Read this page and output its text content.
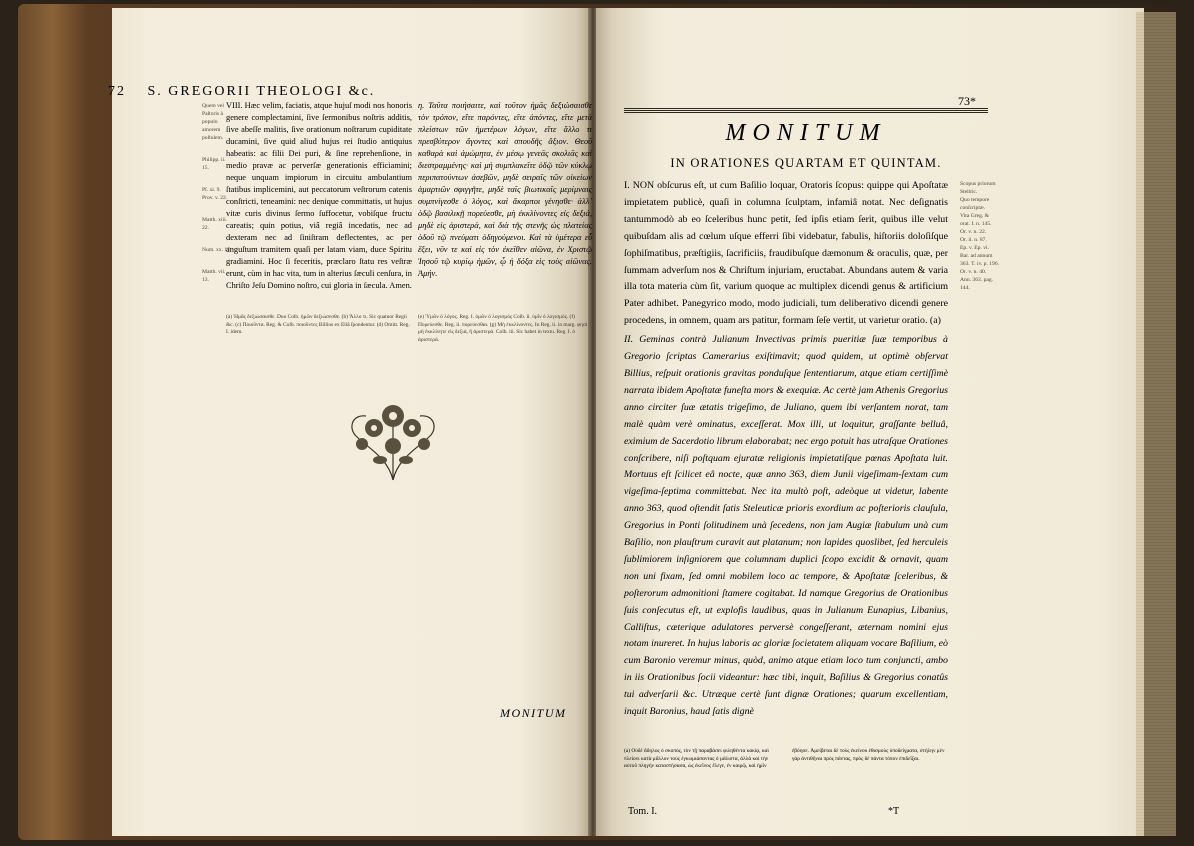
72 S. GREGORII THEOLOGI &c.
Quem vel Paſtoris à populo amorem poſtulem.
Philipp. ii. 15.
Pſ. xi. 9. Prov. v. 22.
Matth. xiii. 22.
Num. xx. 17.
Matth. vii. 13.
VIII. Hæc velim, faciatis, atque hujuſ modi nos honoris genere complectamini, ſive ſermonibus noſtris additis, ſive abeſſe malitis, ſive orationum noſtrarum cupiditate ducamini, ſive quid aliud hujus rei ſtudio antiquius habeatis: ac filii Dei puri, & ſine reprehenſione, in medio pravæ ac perverſæ generationis efficiamini; neque unquam impiorum in circuitu ambulantium ſtatibus implicemini, aut peccatorum veſtrorum catenis conſtricti, teneamini: nec denique committatis, ut hujus vitæ curis divinus ſermo ſuffocetur, vobiſque fructu careatis; quin potius, viâ regiâ incedatis, nec ad dexteram nec ad ſiniſtram deflectentes, ac per anguſtum tramitem quaſi per latam viam, duce Spiritu gradiamini. Hoc ſi feceritis, præclaro ſtatu res veſtræ erunt, cùm in hac vita, tum in alterius ſæculi cenſura, in Chriſto Jeſu Domino noſtro, cui gloria in ſæcula. Amen.
η. Ταῦτα ποιήσαιτε, καὶ τοῦτον ἡμᾶς δεξιώσαισθε τὸν τρόπον, εἴτε παρόντες, εἴτε ἀπόντες, εἴτε μετὰ πλείστων τῶν ἡμετέρων λόγων, εἴτε ἄλλο τι πρεσβύτερον ἄγοντες καὶ σπουδῆς ἄξιον. Θεοῦ καθαρὰ καὶ ἀμώμητα, ἐν μέσῳ γενεᾶς σκολιᾶς καὶ διεστραμμένης· καὶ μὴ συμπλακεῖτε ὁδῷ τῶν κύκλῳ περιπατούντων ἀσεβῶν, μηδὲ σειραῖς τῶν οἰκείων ἁμαρτιῶν σφιγγῆτε, μηδὲ ταῖς βιωτικαῖς μερίμναις συμπνίγεσθε ὁ λόγος, καὶ ἄκαρποι γένησθε· ἀλλ᾽ ὁδῷ βασιλικῇ πορεύεσθε, μὴ ἐκκλίνοντες εἰς δεξιά, μηδὲ εἰς ἀριστερά, καὶ διὰ τῆς στενῆς ὡς πλατείας ὁδοῦ τῷ πνεύματι ὁδηγούμενοι. Καὶ τὰ ὑμέτερα εὖ ἕξει, νῦν τε καὶ εἰς τὸν ἐκεῖθεν αἰῶνα, ἐν Χριστῷ Ἰησοῦ τῷ κυρίῳ ἡμῶν, ᾧ ἡ δόξα εἰς τοὺς αἰῶνας. Ἀμήν.
(a) Ἡμᾶς δεξιώσαισθε. Duo Colb. ἡμῶν δεξιώσεσθε. (b) Ἄλλο τι. Sic quatuor Regii &c. (c) Ποιοῦντα. Reg. & Colb. ποιοῦντες Billius ex Eliâ ſpondentur. (d) Omitt. Reg. I. idem.
(e) Ὑμῶν ὁ λόγος. Reg. I. ὑμῶν ὁ λογισμός Colb. ii. ὑμῖν ὁ λογισμός. (f) Πορεύεσθε. Reg. ii. πορεύεσθαι. (g) Μὴ ἐκκλίνοντες. In Reg. ii. in marg. φησὶ μὴ ἐκκλίνητε εἰς δεξιά, ἢ ἀριστερά. Colb. iii. Sic habet in textu. Reg. I. ὁ ἀριστερά.
MONITUM
73*
MONITUM
IN ORATIONES QUARTAM ET QUINTAM.

I. NON obſcurus eſt, ut cum Baſilio loquar, Oratoris ſcopus: quippe qui Apoſtatæ impietatem publicè, quaſi in columna ſculptam, infamiâ notat. Nec deſignatis tantummodò ab eo ſceleribus hunc petit, ſed ipſis etiam ſerit, quibus ille velut quibuſdam alis ad cœlum uſque efferri ſibi videbatur, fabulis, hiſtoriis doloſiſque ſophiſmatibus, præſtigiis, ſacrificiis, fraudibuſque dæmonum & oraculis, quæ, per ſummam adverſum nos & Chriſtum injuriam, eructabat. Abundans autem & varia illa tota materia cùm ſit, varium quoque ac multiplex dicendi genus & artificium Pater adhibet. Panegyrico modo, modo judiciali, tum deliberativo dicendi genere procedens, in omnem, quam ars patitur, formam ſeſe vertit, ut varietur oratio. (a)

II. Geminas contrà Julianum Invectivas primis pueritiæ ſuæ temporibus à Gregorio ſcriptas Camerarius exiſtimavit; quod quidem, ut optimè obſervat Billius, reſpuit orationis gravitas ponduſque ſententiarum, atque etiam certiſſimè narrata ibidem Apoſtatæ funeſta mors & exequiæ. Ac certè jam Athenis Gregorius anno circiter ſuæ ætatis trigeſimo, de Juliano, quem ibi verſantem norat, tam malè quàm verè ominatus, exceſſerat. Mox illi, ut loquitur, graſſante belluâ, eximium de Sacerdotio librum elaborabat; nec ergo potuit has utraſque Orationes conſcribere, niſi poſtquam ejuratæ religionis impietatiſque pœnas Apoſtata luit. Mortuus eſt ſcilicet eâ nocte, quæ anno 363, diem Junii vigeſimam-ſextam cum vigeſima-ſeptima committebat. Nec ita multò poſt, adeòque ut videtur, labente anno 363, quod oſtendit ſatis Steleuticæ prioris exordium ac poſterioris clauſula, Gregorius in Ponti ſolitudinem unà ſecedens, non jam Augiæ ſtabulum unà cum Baſilio, non plauſtrum curavit aut platanum; non lapides quoslibet, ſed herculeis ſublimiorem inſigniorem que columnam duplici ſcopo excidit & ornavit, quam non uni fixam, ſed omni mobilem loco ac tempore, & Apoſtatæ ſceleribus, & poſterorum admonitioni ſtamere cogitabat. Id namque Gregorius de Orationibus ſuis conſecutus eſt, ut explofis laudibus, quas in Julianum Eunapius, Libanius, Calliſtus, cæterique adulatores perversè congeſſerant, æternam nomini ejus notam inureret. In hujus laboris ac gloriæ ſocietatem aliquam vocare Baſilium, eò cum Baronio veremur minus, quòd, animo atque etiam loco tum conjuncti, ambo in iis Orationibus ſocii videantur: hæc tibi, inquit, Baſilius & Gregorius conatûs tui adverſarii &c. Utræque certè ſunt dignæ Orationes; quarum excellentiam, inquit Baronius, haud ſatis dignè

Scopus priorum Stelitic.
Quo tempore conſcriptæ.
Vita Greg. & orat. I. n. 145.
Or. v. n. 22.
Or. ii. n. 87.
Ep. v. Ep. vi.
Bar. ad annum 363. T. iv. p. 196.
Or. v. n. 40.
Ann. 363. pag. 144.
(a) Οὐδὲ ἄδηλος ὁ σκοπός, τὸν τῇ παραβάσει φιληθέντα κακίᾳ, καὶ πλείονι κατὰ μᾶλλον τοὺς ἐγκωμιάσαντας ὁ μάλιστα, ἀλλὰ καὶ τὴν αὐτοῦ πληγὴν καταστήσασα, ὡς ἐκεῖνος ἔλεγε, ἐν καιρῷ, καὶ ἡμῖν ἐβόησε. Ἀμείβεται δὲ τοὺς ἐκείνου ἐθισμοὺς ὑποδείγματα, στήλην μὲν γὰρ ἀντιθῆναι πρὸς πάντας, πρὸς δὲ πάντα τόπον ἐπιδεῖξαι.
Tom. I.	*T
